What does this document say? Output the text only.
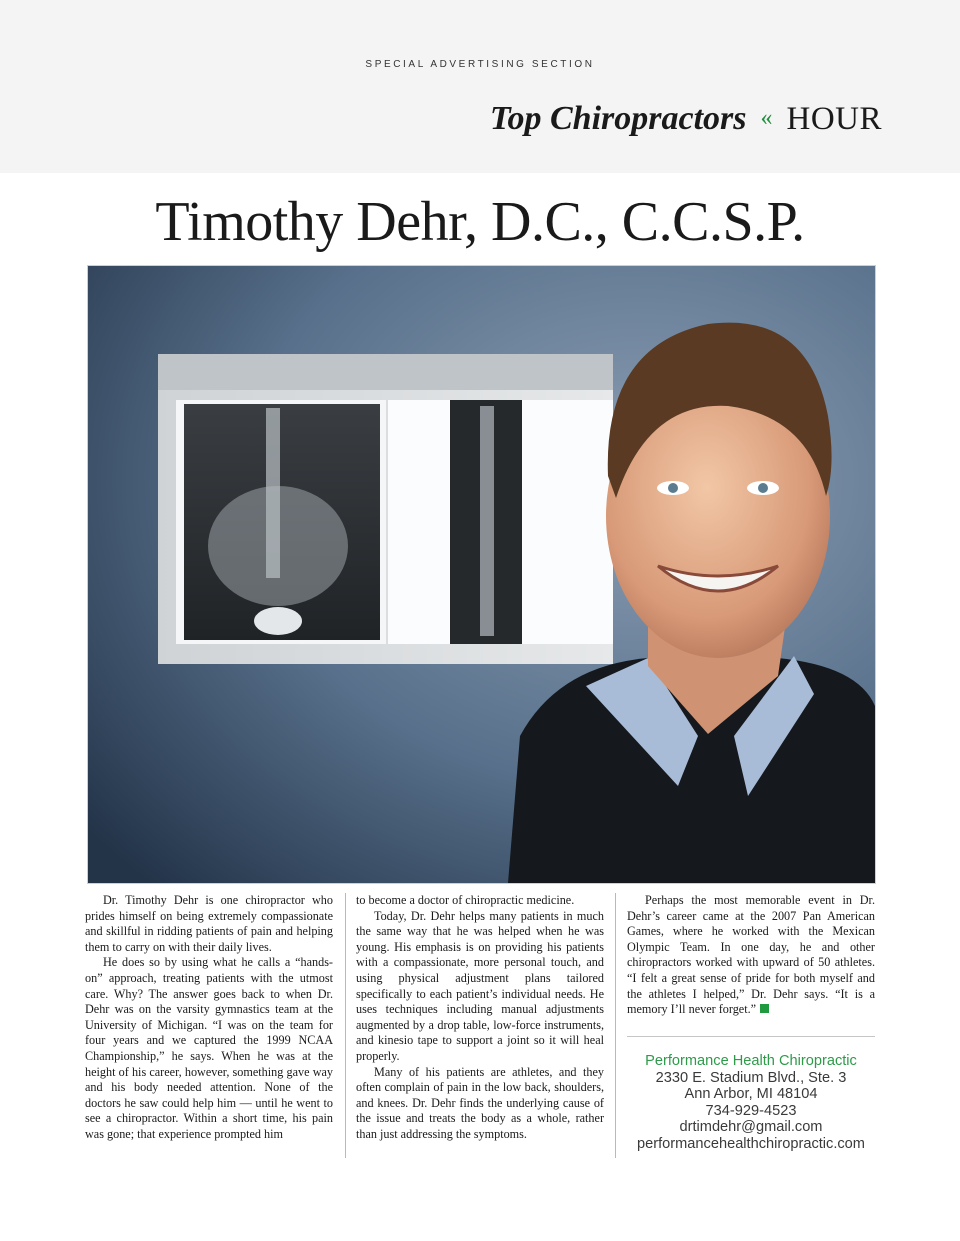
SPECIAL ADVERTISING SECTION
Top Chiropractors « HOUR
Timothy Dehr, D.C., C.C.S.P.

Dr. Timothy Dehr is one chiropractor who prides himself on being extremely compassionate and skillful in ridding patients of pain and helping them to carry on with their daily lives.

He does so by using what he calls a “hands-on” approach, treating patients with the utmost care. Why? The answer goes back to when Dr. Dehr was on the varsity gymnastics team at the University of Michigan. “I was on the team for four years and we captured the 1999 NCAA Championship,” he says. When he was at the height of his career, however, something gave way and his body needed attention. None of the doctors he saw could help him — until he went to see a chiropractor. Within a short time, his pain was gone; that experience prompted him

to become a doctor of chiropractic medicine.

Today, Dr. Dehr helps many patients in much the same way that he was helped when he was young. His emphasis is on providing his patients with a compassionate, more personal touch, and using physical adjustment plans tailored specifically to each patient’s individual needs. He uses techniques including manual adjustments augmented by a drop table, low-force instruments, and kinesio tape to support a joint so it will heal properly.

Many of his patients are athletes, and they often complain of pain in the low back, shoulders, and knees. Dr. Dehr finds the underlying cause of the issue and treats the body as a whole, rather than just addressing the symptoms.

Perhaps the most memorable event in Dr. Dehr’s career came at the 2007 Pan American Games, where he worked with the Mexican Olympic Team. In one day, he and other chiropractors worked with upward of 50 athletes. “I felt a great sense of pride for both myself and the athletes I helped,” Dr. Dehr says. “It is a memory I’ll never forget.”

Performance Health Chiropractic
2330 E. Stadium Blvd., Ste. 3
Ann Arbor, MI 48104
734-929-4523
drtimdehr@gmail.com
performancehealthchiropractic.com
